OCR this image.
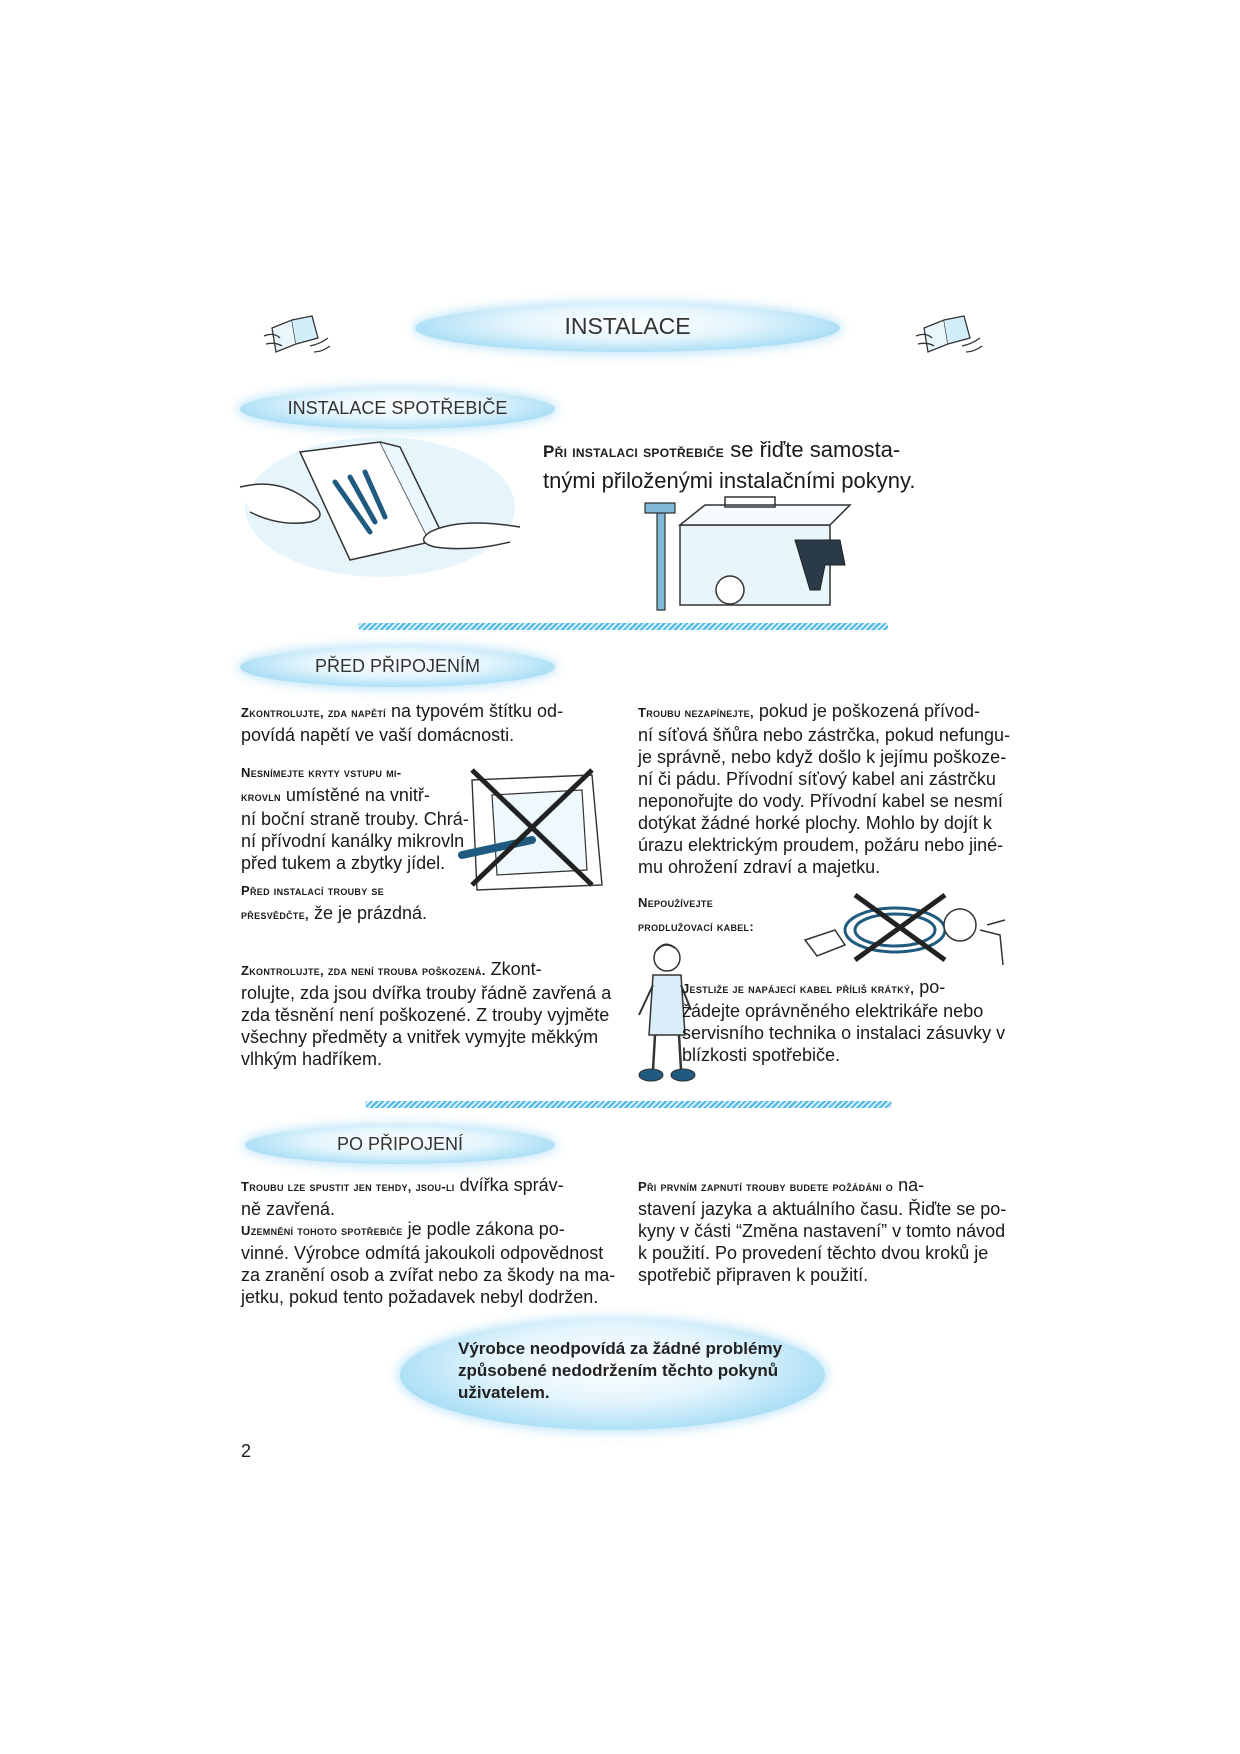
INSTALACE
INSTALACE SPOTŘEBIČE
Při instalaci spotřebiče se řiďte samosta-
tnými přiloženými instalačními pokyny.
PŘED PŘIPOJENÍM
Zkontrolujte, zda napětí na typovém štítku od-
povídá napětí ve vaší domácnosti.
Nesnímejte kryty vstupu mi-
krovln umístěné na vnitř-
ní boční straně trouby. Chrá-
ní přívodní kanálky mikrovln
před tukem a zbytky jídel.
Před instalací trouby se
přesvědčte, že je prázdná.
Zkontrolujte, zda není trouba poškozená. Zkont-
rolujte, zda jsou dvířka trouby řádně zavřená a
zda těsnění není poškozené. Z trouby vyjměte
všechny předměty a vnitřek vymyjte měkkým
vlhkým hadříkem.
Troubu nezapínejte, pokud je poškozená přívod-
ní síťová šňůra nebo zástrčka, pokud nefungu-
je správně, nebo když došlo k jejímu poškoze-
ní či pádu. Přívodní síťový kabel ani zástrčku
neponořujte do vody. Přívodní kabel se nesmí
dotýkat žádné horké plochy. Mohlo by dojít k
úrazu elektrickým proudem, požáru nebo jiné-
mu ohrožení zdraví a majetku.
Nepoužívejte
prodlužovací kabel:
Jestliže je napájecí kabel příliš krátký, po-
žádejte oprávněného elektrikáře nebo
servisního technika o instalaci zásuvky v
blízkosti spotřebiče.
PO PŘIPOJENÍ
Troubu lze spustit jen tehdy, jsou-li dvířka správ-
ně zavřená.
Uzemnění tohoto spotřebiče je podle zákona po-
vinné. Výrobce odmítá jakoukoli odpovědnost
za zranění osob a zvířat nebo za škody na ma-
jetku, pokud tento požadavek nebyl dodržen.
Při prvním zapnutí trouby budete požádáni o na-
stavení jazyka a aktuálního času. Řiďte se po-
kyny v části “Změna nastavení” v tomto návod
k použití. Po provedení těchto dvou kroků je
spotřebič připraven k použití.
Výrobce neodpovídá za žádné problémy
způsobené nedodržením těchto pokynů
uživatelem.
2
